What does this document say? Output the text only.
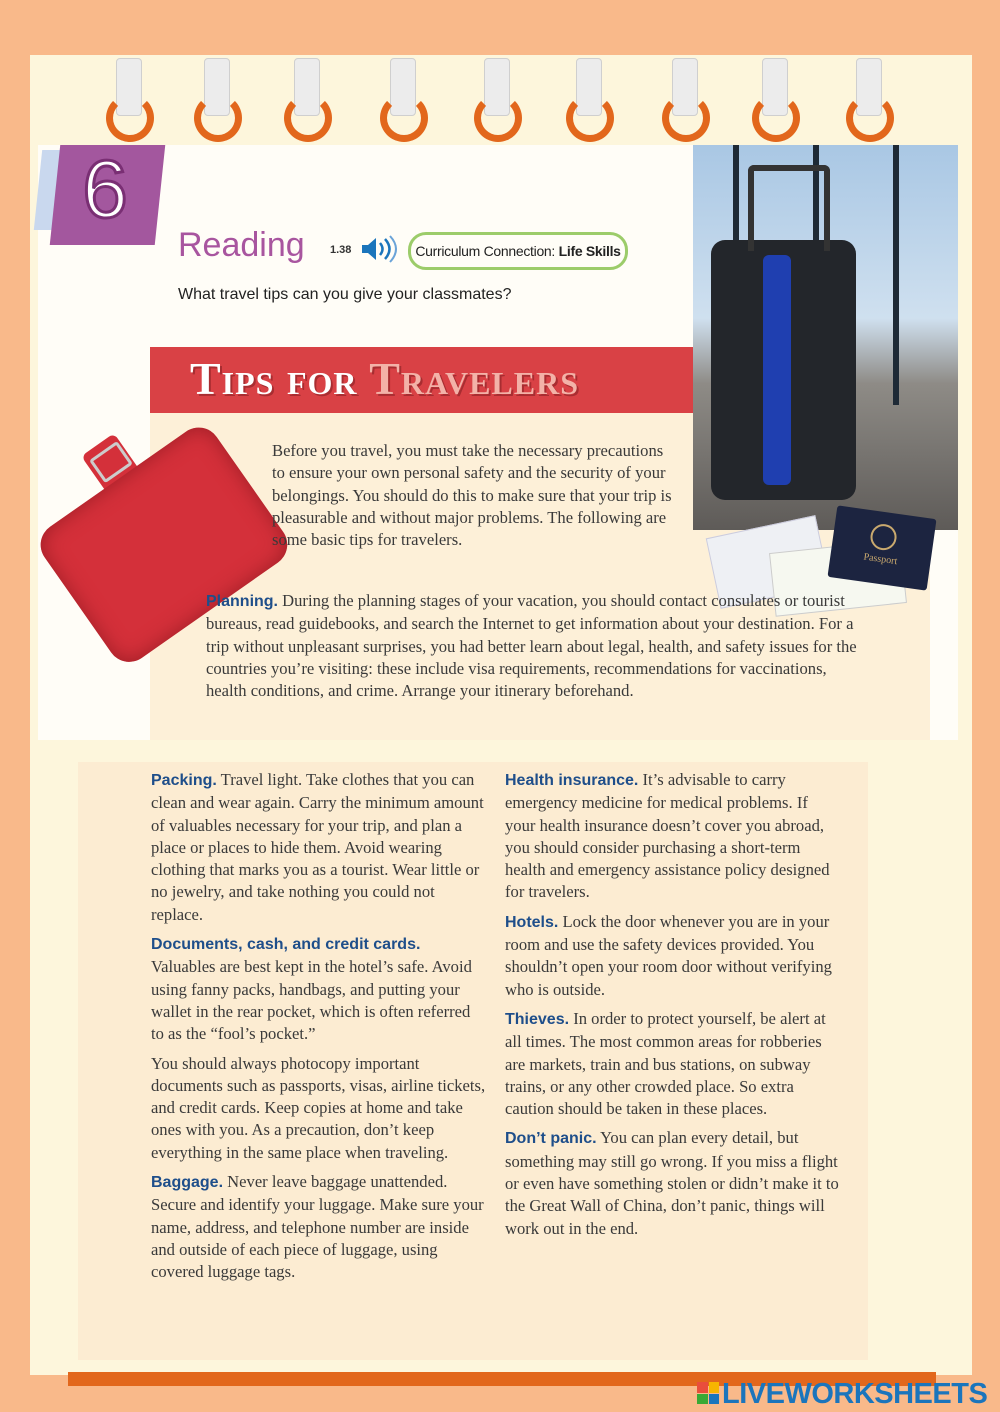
6
Reading 1.38	Curriculum Connection:
Life Skills
What travel tips can you give your classmates?
Tips for Travelers
Passport
Before you travel, you must take the necessary precautions to ensure your own personal safety and the security of your belongings. You should do this to make sure that your trip is pleasurable and without major problems. The following are some basic tips for travelers.
Planning. During the planning stages of your vacation, you should contact consulates or tourist bureaus, read guidebooks, and search the Internet to get information about your destination. For a trip without unpleasant surprises, you had better learn about legal, health, and safety issues for the countries you’re visiting: these include visa requirements, recommendations for vaccinations, health conditions, and crime. Arrange your itinerary beforehand.

Packing. Travel light. Take clothes that you can clean and wear again. Carry the minimum amount of valuables necessary for your trip, and plan a place or places to hide them. Avoid wearing clothing that marks you as a tourist. Wear little or no jewelry, and take nothing you could not replace.

Documents, cash, and credit cards. Valuables are best kept in the hotel’s safe. Avoid using fanny packs, handbags, and putting your wallet in the rear pocket, which is often referred to as the “fool’s pocket.”

You should always photocopy important documents such as passports, visas, airline tickets, and credit cards. Keep copies at home and take ones with you. As a precaution, don’t keep everything in the same place when traveling.

Baggage. Never leave baggage unattended. Secure and identify your luggage. Make sure your name, address, and telephone number are inside and outside of each piece of luggage, using covered luggage tags.

Health insurance. It’s advisable to carry emergency medicine for medical problems. If your health insurance doesn’t cover you abroad, you should consider purchasing a short-term health and emergency assistance policy designed for travelers.

Hotels. Lock the door whenever you are in your room and use the safety devices provided. You shouldn’t open your room door without verifying who is outside.

Thieves. In order to protect yourself, be alert at all times. The most common areas for robberies are markets, train and bus stations, on subway trains, or any other crowded place. So extra caution should be taken in these places.

Don’t panic. You can plan every detail, but something may still go wrong. If you miss a flight or even have something stolen or didn’t make it to the Great Wall of China, don’t panic, things will work out in the end.

LIVEWORKSHEETS
